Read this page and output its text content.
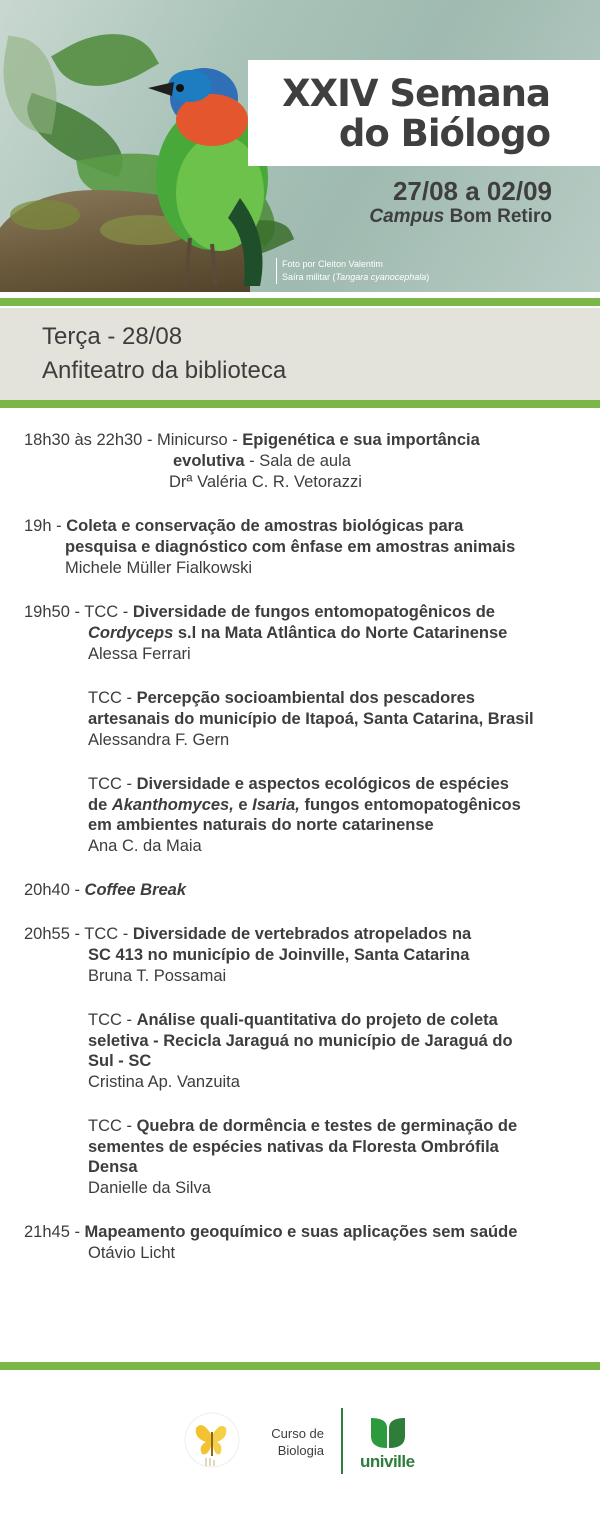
XXIV Semana
do Biólogo
27/08 a 02/09
Campus Bom Retiro
Foto por Cleiton Valentim
Saíra militar (Tangara cyanocephala)
Terça - 28/08
Anfiteatro da biblioteca
18h30 às 22h30 - Minicurso - Epigenética e sua importância
evolutiva - Sala de aula
Drª Valéria C. R. Vetorazzi
19h - Coleta e conservação de amostras biológicas para
pesquisa e diagnóstico com ênfase em amostras animais
Michele Müller Fialkowski
19h50 - TCC - Diversidade de fungos entomopatogênicos de
Cordyceps s.l na Mata Atlântica do Norte Catarinense
Alessa Ferrari
TCC - Percepção socioambiental dos pescadores
artesanais do município de Itapoá, Santa Catarina, Brasil
Alessandra F. Gern
TCC - Diversidade e aspectos ecológicos de espécies
de Akanthomyces, e Isaria, fungos entomopatogênicos
em ambientes naturais do norte catarinense
Ana C. da Maia
20h40 - Coffee Break
20h55 - TCC - Diversidade de vertebrados atropelados na
SC 413 no município de Joinville, Santa Catarina
Bruna T. Possamai
TCC - Análise quali-quantitativa do projeto de coleta
seletiva - Recicla Jaraguá no município de Jaraguá do
Sul - SC
Cristina Ap. Vanzuita
TCC - Quebra de dormência e testes de germinação de
sementes de espécies nativas da Floresta Ombrófila
Densa
Danielle da Silva
21h45 - Mapeamento geoquímico e suas aplicações sem saúde
Otávio Licht
Curso de
Biologia
univille
